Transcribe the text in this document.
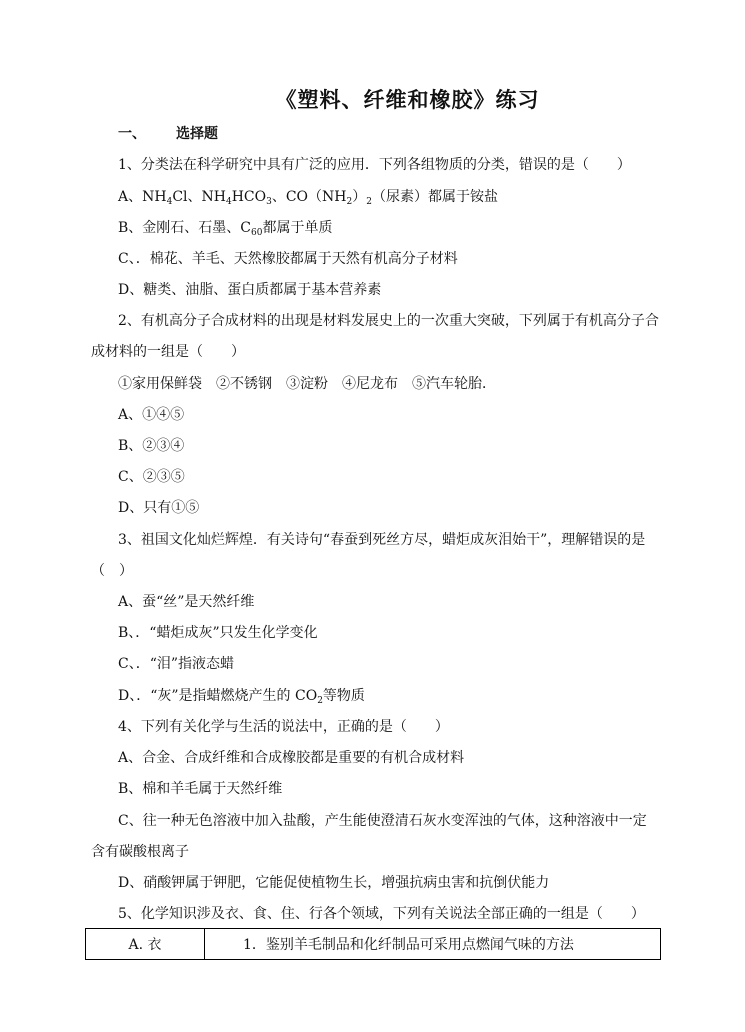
《塑料、纤维和橡胶》练习
一、 选择题
1、分类法在科学研究中具有广泛的应用．下列各组物质的分类，错误的是（　　）
A、$NH_4Cl$、$NH_4HCO_3$、$CO(NH_2)_2$（尿素）都属于铵盐
B、金刚石、石墨、$C_{60}$都属于单质
C、．棉花、羊毛、天然橡胶都属于天然有机高分子材料
D、糖类、油脂、蛋白质都属于基本营养素
2、有机高分子合成材料的出现是材料发展史上的一次重大突破，下列属于有机高分子合
成材料的一组是（　　）
①家用保鲜袋　②不锈钢　③淀粉　④尼龙布　⑤汽车轮胎．
A、①④⑤
B、②③④
C、②③⑤
D、只有①⑤
3、祖国文化灿烂辉煌．有关诗句“春蚕到死丝方尽，蜡炬成灰泪始干”，理解错误的是
（　）
A、蚕“丝”是天然纤维
B、．“蜡炬成灰”只发生化学变化
C、．“泪”指液态蜡
D、．“灰”是指蜡燃烧产生的 $CO_2$等物质
4、下列有关化学与生活的说法中，正确的是（　　）
A、合金、合成纤维和合成橡胶都是重要的有机合成材料
B、棉和羊毛属于天然纤维
C、往一种无色溶液中加入盐酸，产生能使澄清石灰水变浑浊的气体，这种溶液中一定
含有碳酸根离子
D、硝酸钾属于钾肥，它能促使植物生长，增强抗病虫害和抗倒伏能力
5、化学知识涉及衣、食、住、行各个领域，下列有关说法全部正确的一组是（　　）
A. 衣	1．鉴别羊毛制品和化纤制品可采用点燃闻气味的方法
